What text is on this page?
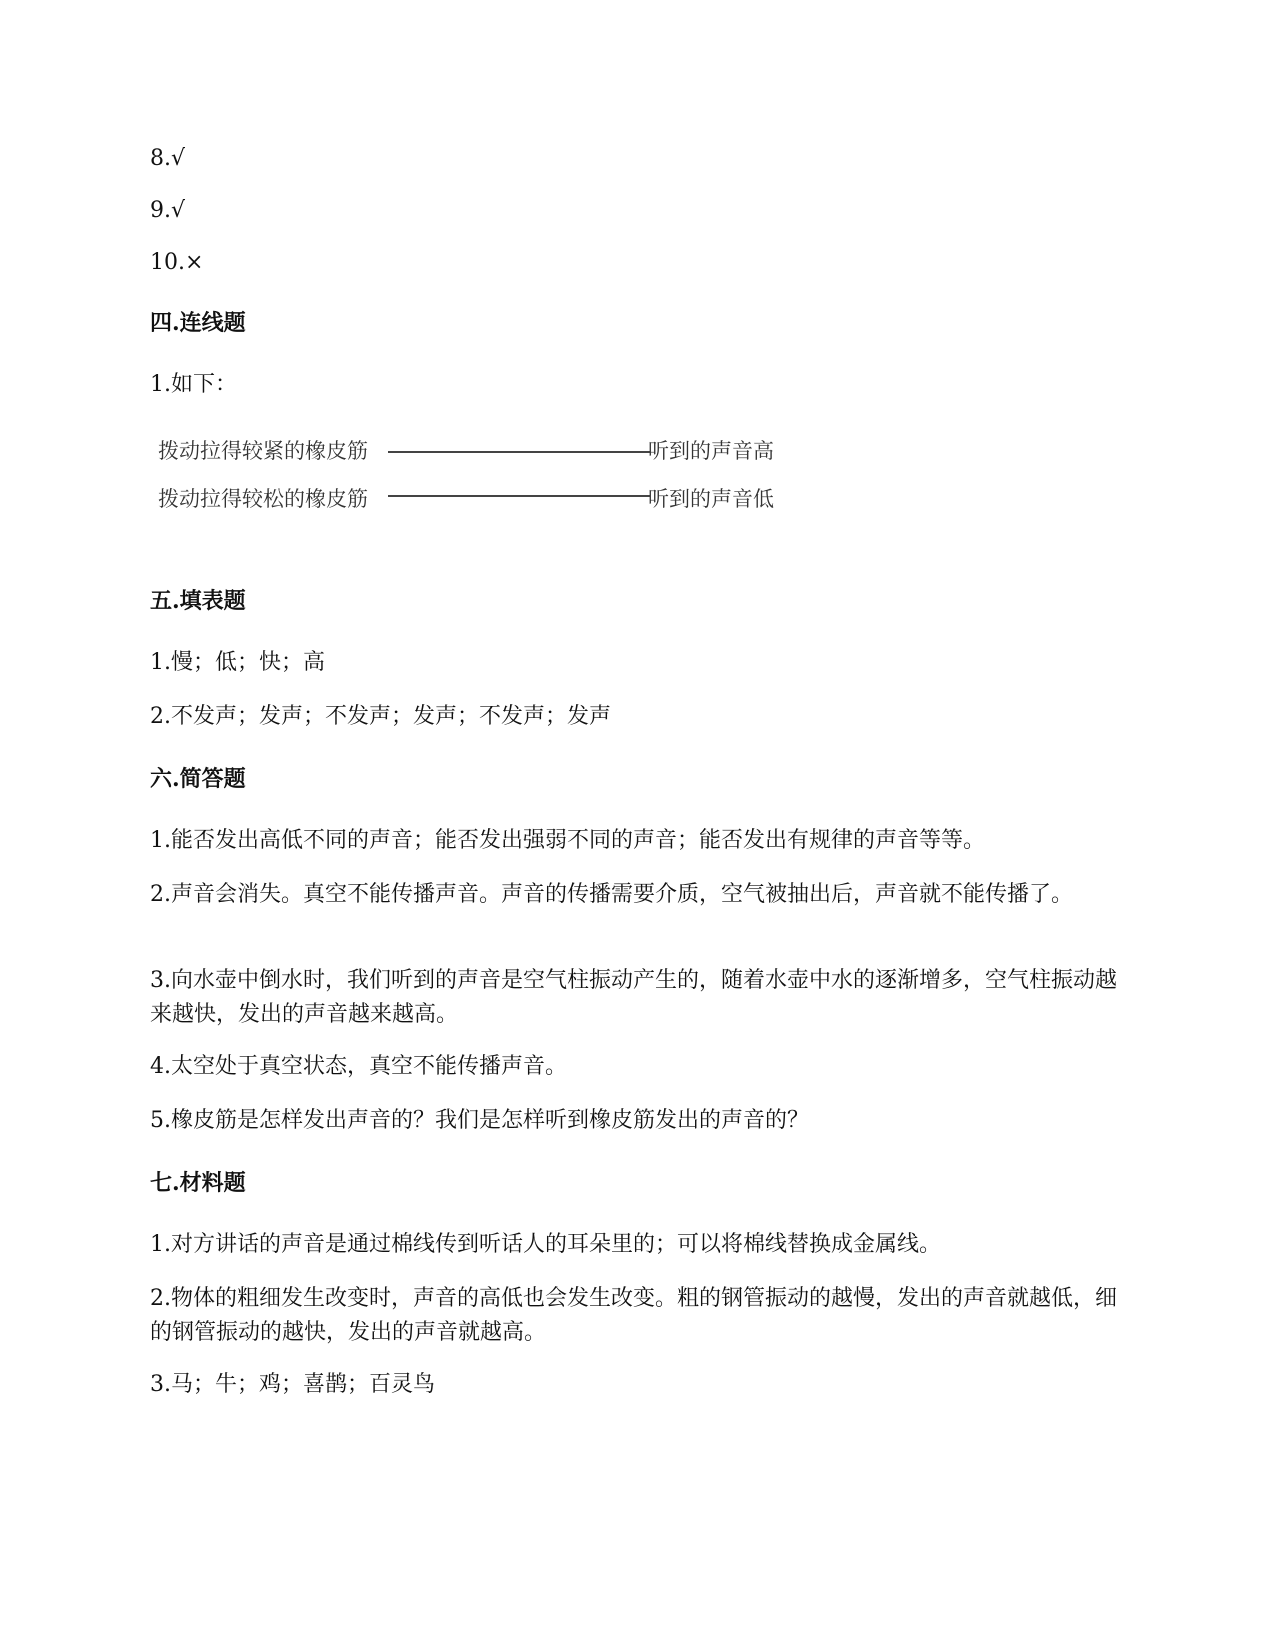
8.√
9.√
10.×
四.连线题
1.如下：
拨动拉得较紧的橡皮筋	听到的声音高
拨动拉得较松的橡皮筋	听到的声音低
五.填表题
1.慢；低；快；高
2.不发声；发声；不发声；发声；不发声；发声
六.简答题
1.能否发出高低不同的声音；能否发出强弱不同的声音；能否发出有规律的声音等等。
2.声音会消失。真空不能传播声音。声音的传播需要介质，空气被抽出后，声音就不能传播了。
3.向水壶中倒水时，我们听到的声音是空气柱振动产生的，随着水壶中水的逐渐增多，空气柱振动越来越快，发出的声音越来越高。
4.太空处于真空状态，真空不能传播声音。
5.橡皮筋是怎样发出声音的？我们是怎样听到橡皮筋发出的声音的？
七.材料题
1.对方讲话的声音是通过棉线传到听话人的耳朵里的；可以将棉线替换成金属线。
2.物体的粗细发生改变时，声音的高低也会发生改变。粗的钢管振动的越慢，发出的声音就越低，细的钢管振动的越快，发出的声音就越高。
3.马；牛；鸡；喜鹊；百灵鸟
